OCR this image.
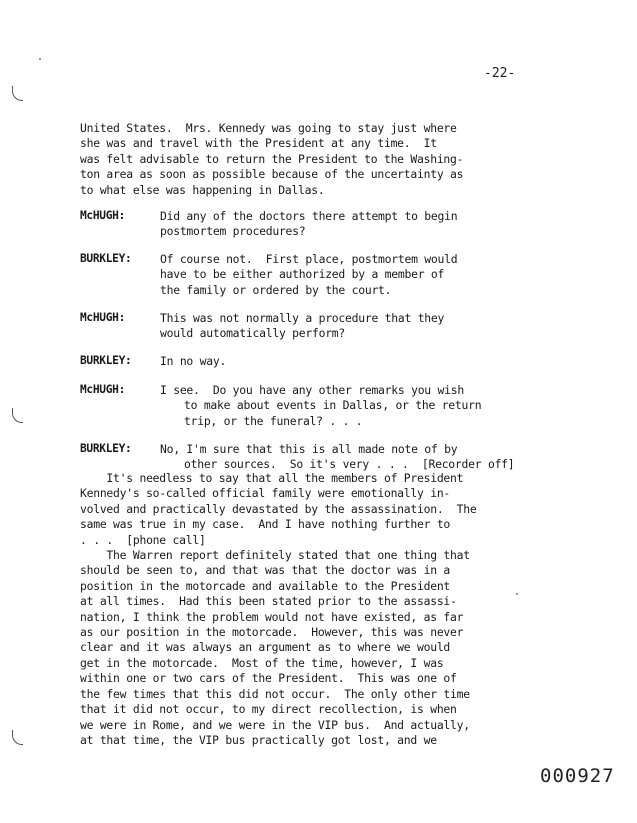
-22-
United States.  Mrs. Kennedy was going to stay just where
she was and travel with the President at any time.  It
was felt advisable to return the President to the Washing-
ton area as soon as possible because of the uncertainty as
to what else was happening in Dallas.
McHUGH:	Did any of the doctors there attempt to begin
postmortem procedures?
BURKLEY:	Of course not.  First place, postmortem would
have to be either authorized by a member of
the family or ordered by the court.
McHUGH:	This was not normally a procedure that they
would automatically perform?
BURKLEY:	In no way.
McHUGH:	I see.  Do you have any other remarks you wish
to make about events in Dallas, or the return
trip, or the funeral? . . .
BURKLEY:	No, I'm sure that this is all made note of by
other sources.  So it's very . . .  [Recorder off]
It's needless to say that all the members of President
Kennedy's so-called official family were emotionally in-
volved and practically devastated by the assassination.  The
same was true in my case.  And I have nothing further to
. . .  [phone call]
The Warren report definitely stated that one thing that
should be seen to, and that was that the doctor was in a
position in the motorcade and available to the President
at all times.  Had this been stated prior to the assassi-
nation, I think the problem would not have existed, as far
as our position in the motorcade.  However, this was never
clear and it was always an argument as to where we would
get in the motorcade.  Most of the time, however, I was
within one or two cars of the President.  This was one of
the few times that this did not occur.  The only other time
that it did not occur, to my direct recollection, is when
we were in Rome, and we were in the VIP bus.  And actually,
at that time, the VIP bus practically got lost, and we
000927
